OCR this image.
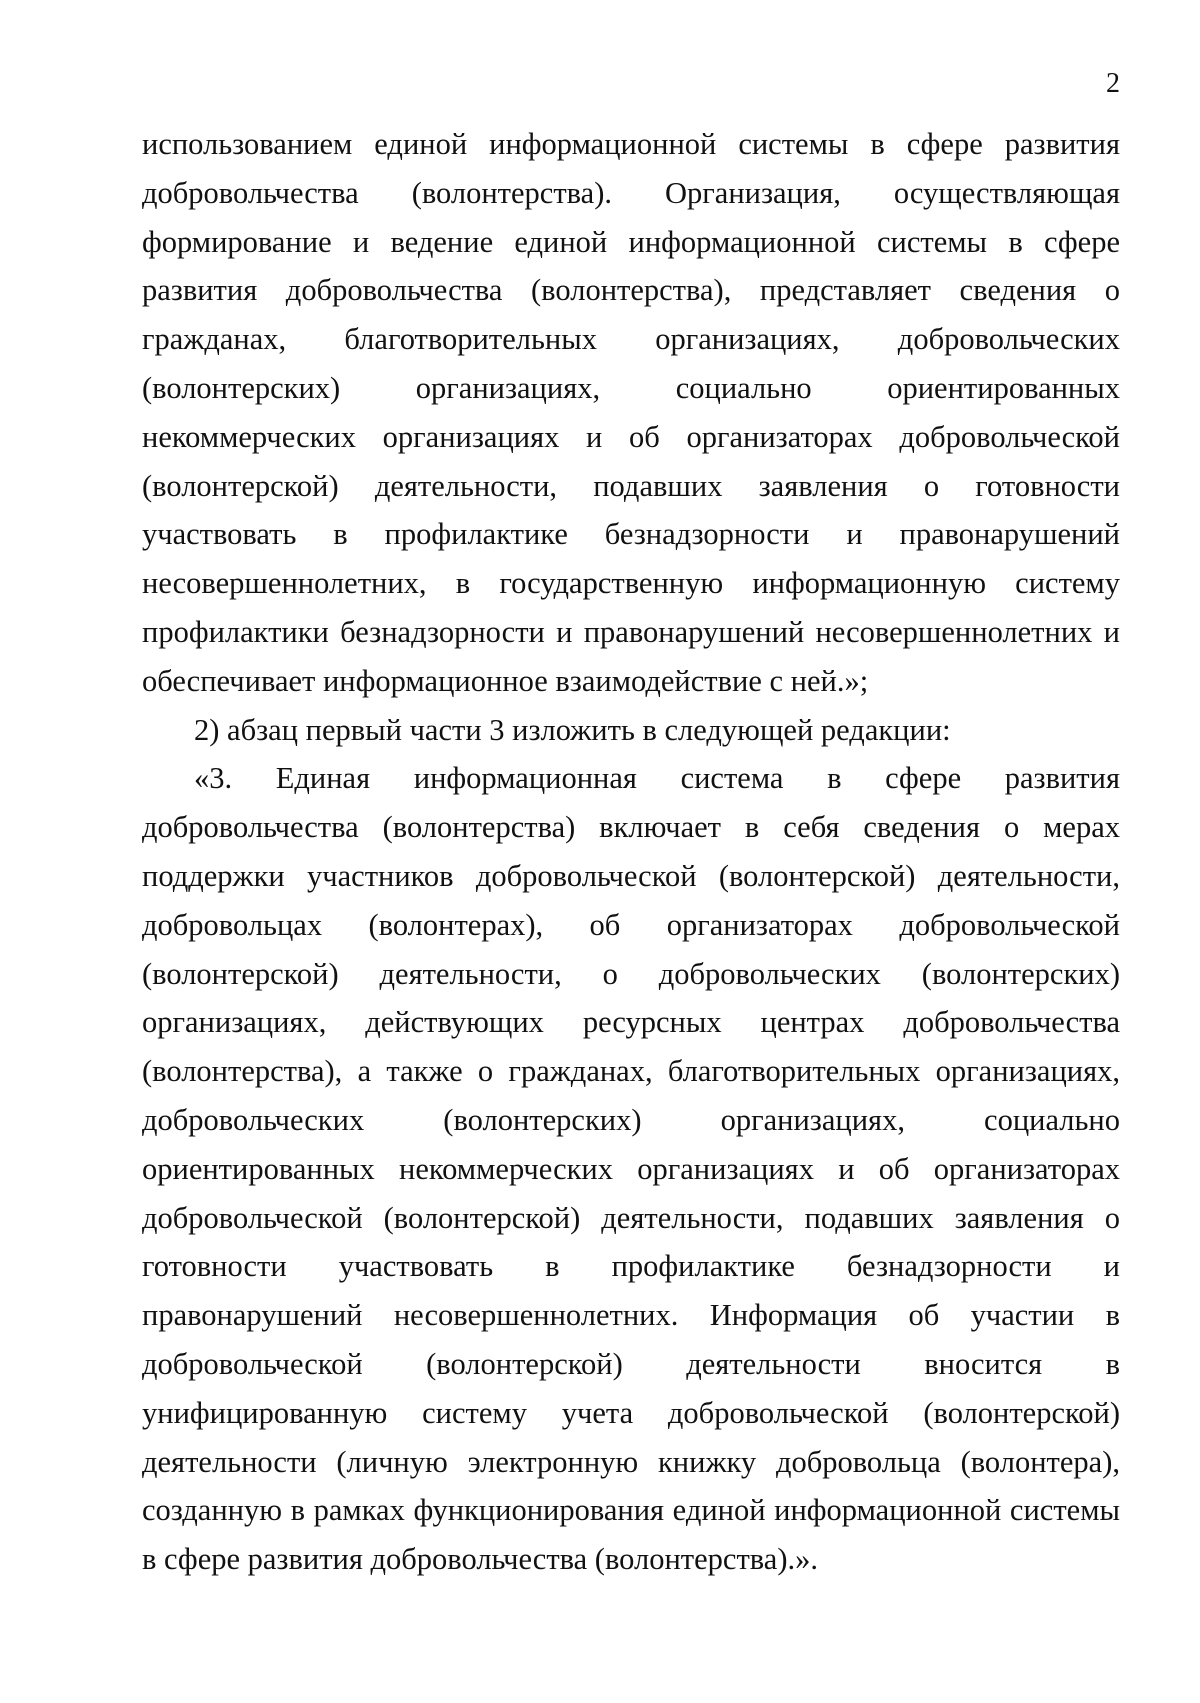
2

использованием единой информационной системы в сфере развития добровольчества (волонтерства). Организация, осуществляющая формирование и ведение единой информационной системы в сфере развития добровольчества (волонтерства), представляет сведения о гражданах, благотворительных организациях, добровольческих (волонтерских) организациях, социально ориентированных некоммерческих организациях и об организаторах добровольческой (волонтерской) деятельности, подавших заявления о готовности участвовать в профилактике безнадзорности и правонарушений несовершеннолетних, в государственную информационную систему профилактики безнадзорности и правонарушений несовершеннолетних и обеспечивает информационное взаимодействие с ней.»;

2) абзац первый части 3 изложить в следующей редакции:

«3. Единая информационная система в сфере развития добровольчества (волонтерства) включает в себя сведения о мерах поддержки участников добровольческой (волонтерской) деятельности, добровольцах (волонтерах), об организаторах добровольческой (волонтерской) деятельности, о добровольческих (волонтерских) организациях, действующих ресурсных центрах добровольчества (волонтерства), а также о гражданах, благотворительных организациях, добровольческих (волонтерских) организациях, социально ориентированных некоммерческих организациях и об организаторах добровольческой (волонтерской) деятельности, подавших заявления о готовности участвовать в профилактике безнадзорности и правонарушений несовершеннолетних. Информация об участии в добровольческой (волонтерской) деятельности вносится в унифицированную систему учета добровольческой (волонтерской) деятельности (личную электронную книжку добровольца (волонтера), созданную в рамках функционирования единой информационной системы в сфере развития добровольчества (волонтерства).».
